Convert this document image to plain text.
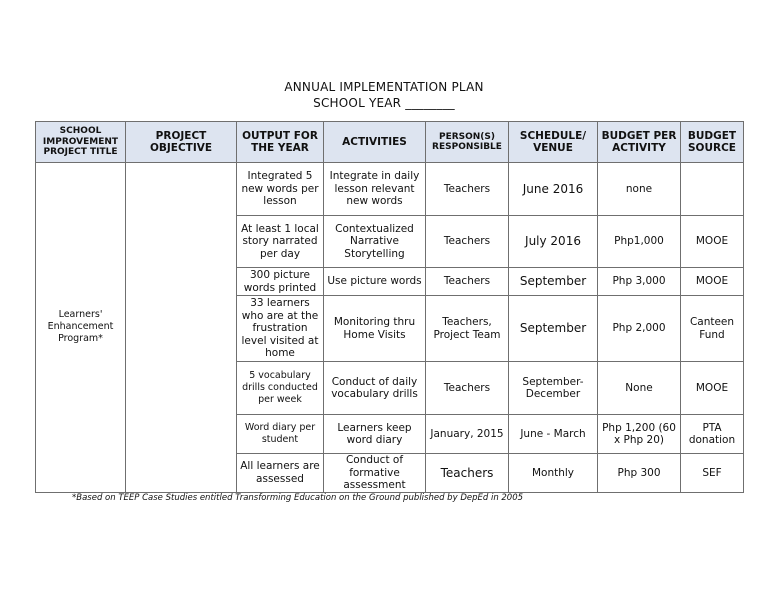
ANNUAL IMPLEMENTATION PLAN
SCHOOL YEAR ________
SCHOOL IMPROVEMENT PROJECT TITLE	PROJECT OBJECTIVE	OUTPUT FOR THE YEAR	ACTIVITIES	PERSON(S) RESPONSIBLE	SCHEDULE/ VENUE	BUDGET PER ACTIVITY	BUDGET SOURCE
Learners' Enhancement Program*		Integrated 5 new words per lesson	Integrate in daily lesson relevant new words	Teachers	June 2016	none	
		At least 1 local story narrated per day	Contextualized Narrative Storytelling	Teachers	July 2016	Php1,000	MOOE
		300 picture words printed	Use picture words	Teachers	September	Php 3,000	MOOE
		33 learners who are at the frustration level visited at home	Monitoring thru Home Visits	Teachers, Project Team	September	Php 2,000	Canteen Fund
		5 vocabulary drills conducted per week	Conduct of daily vocabulary drills	Teachers	September-December	None	MOOE
		Word diary per student	Learners keep word diary	January, 2015	June - March	Php 1,200 (60 x Php 20)	PTA donation
		All learners are assessed	Conduct of formative assessment	Teachers	Monthly	Php 300	SEF
*Based on TEEP Case Studies entitled Transforming Education on the Ground published by DepEd in 2005
